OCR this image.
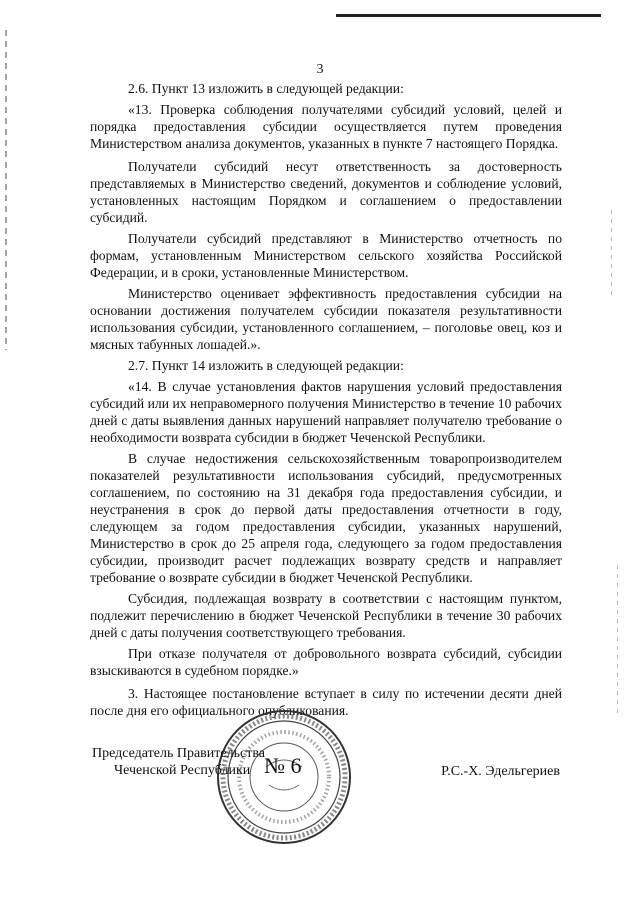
3

2.6. Пункт 13 изложить в следующей редакции:

«13. Проверка соблюдения получателями субсидий условий, целей и порядка предоставления субсидии осуществляется путем проведения Министерством анализа документов, указанных в пункте 7 настоящего Порядка.

Получатели субсидий несут ответственность за достоверность представляемых в Министерство сведений, документов и соблюдение условий, установленных настоящим Порядком и соглашением о предоставлении субсидий.

Получатели субсидий представляют в Министерство отчетность по формам, установленным Министерством сельского хозяйства Российской Федерации, и в сроки, установленные Министерством.

Министерство оценивает эффективность предоставления субсидии на основании достижения получателем субсидии показателя результативности использования субсидии, установленного соглашением, – поголовье овец, коз и мясных табунных лошадей.».

2.7. Пункт 14 изложить в следующей редакции:

«14. В случае установления фактов нарушения условий предоставления субсидий или их неправомерного получения Министерство в течение 10 рабочих дней с даты выявления данных нарушений направляет получателю требование о необходимости возврата субсидии в бюджет Чеченской Республики.

В случае недостижения сельскохозяйственным товаропроизводителем показателей результативности использования субсидий, предусмотренных соглашением, по состоянию на 31 декабря года предоставления субсидии, и неустранения в срок до первой даты предоставления отчетности в году, следующем за годом предоставления субсидии, указанных нарушений, Министерство в срок до 25 апреля года, следующего за годом предоставления субсидии, производит расчет подлежащих возврату средств и направляет требование о возврате субсидии в бюджет Чеченской Республики.

Субсидия, подлежащая возврату в соответствии с настоящим пунктом, подлежит перечислению в бюджет Чеченской Республики в течение 30 рабочих дней с даты получения соответствующего требования.

При отказе получателя от добровольного возврата субсидий, субсидии взыскиваются в судебном порядке.»

3. Настоящее постановление вступает в силу по истечении десяти дней после дня его официального опубликования.

№ 6
Председатель Правительства
Чеченской Республики	Р.С.-Х. Эдельгериев
